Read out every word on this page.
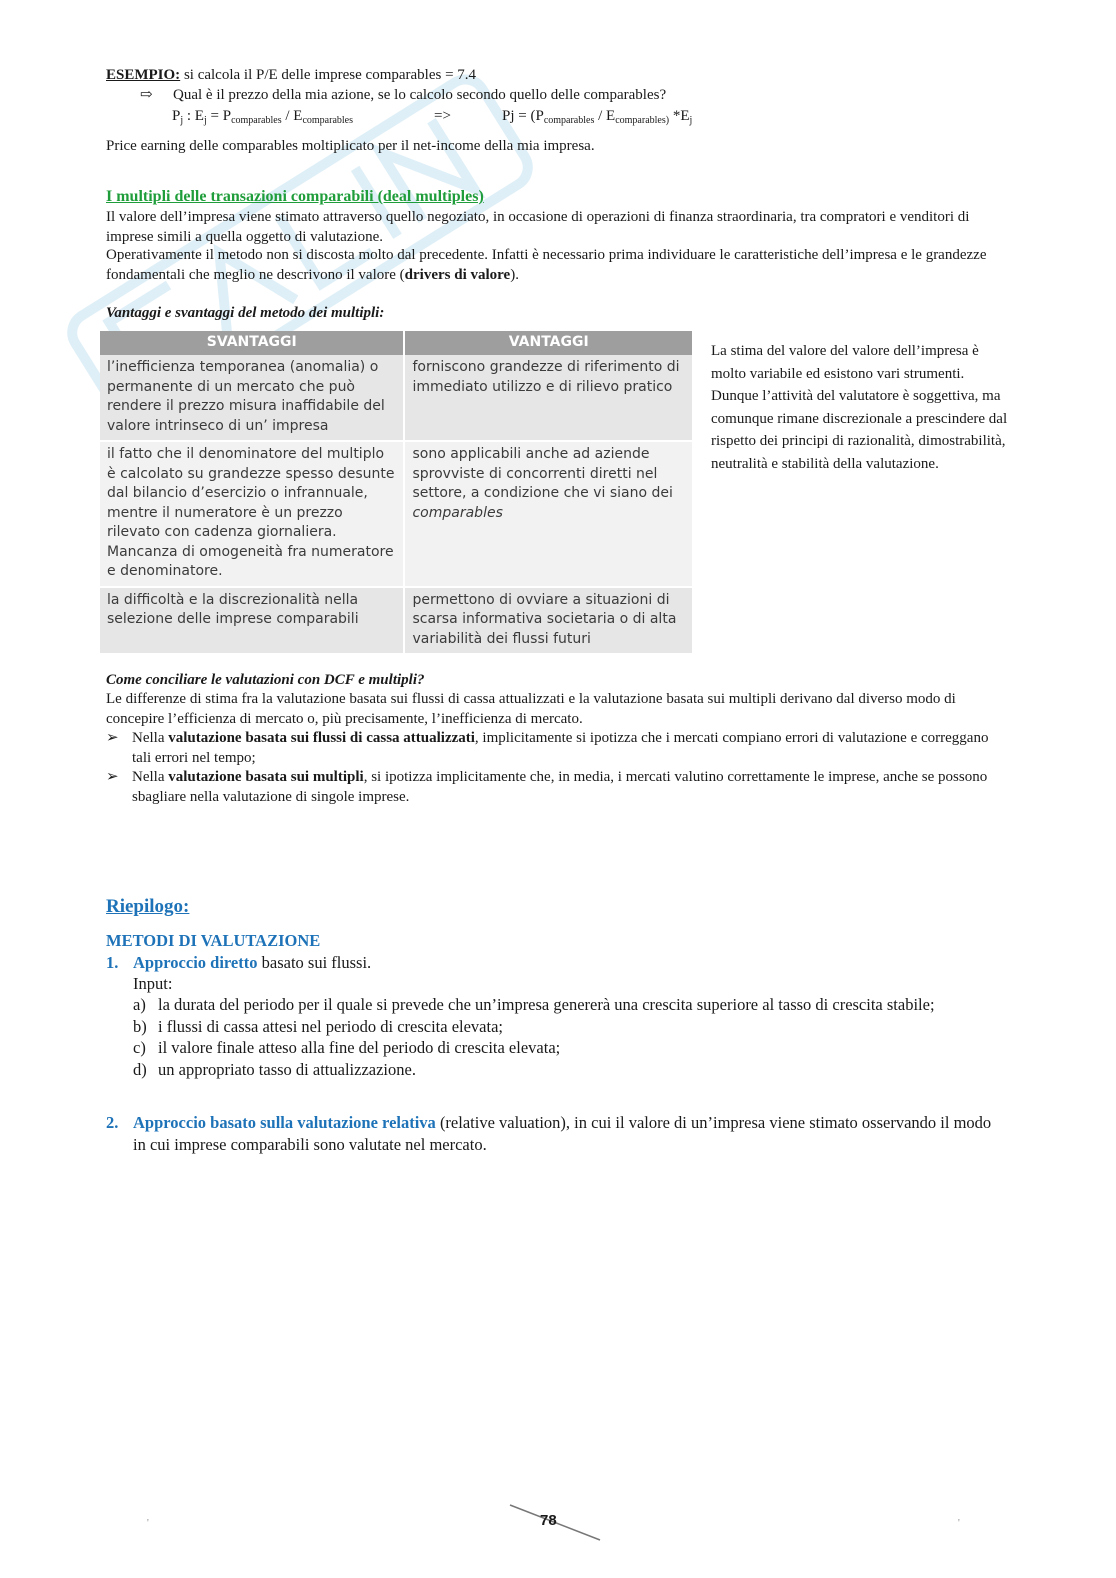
ESEMPIO: si calcola il P/E delle imprese comparables = 7.4

⇨ Qual è il prezzo della mia azione, se lo calcolo secondo quello delle comparables?

$P_j$ : $E_j = P_{comparables} / E_{comparables}$	=>	$Pj = (P_{comparables} / E_{comparables)}$ $*E_j$

Price earning delle comparables moltiplicato per il net-income della mia impresa.

I multipli delle transazioni comparabili (deal multiples)

Il valore dell’impresa viene stimato attraverso quello negoziato, in occasione di operazioni di finanza straordinaria, tra compratori e venditori di imprese simili a quella oggetto di valutazione.

Operativamente il metodo non si discosta molto dal precedente. Infatti è necessario prima individuare le caratteristiche dell’impresa e le grandezze fondamentali che meglio ne descrivono il valore (drivers di valore).

Vantaggi e svantaggi del metodo dei multipli:

SVANTAGGI	VANTAGGI
l’inefficienza temporanea (anomalia) o permanente di un mercato che può rendere il prezzo misura inaffidabile del valore intrinseco di un’ impresa	forniscono grandezze di riferimento di immediato utilizzo e di rilievo pratico
il fatto che il denominatore del multiplo è calcolato su grandezze spesso desunte dal bilancio d’esercizio o infrannuale, mentre il numeratore è un prezzo rilevato con cadenza giornaliera. Mancanza di omogeneità fra numeratore e denominatore.	sono applicabili anche ad aziende sprovviste di concorrenti diretti nel settore, a condizione che vi siano dei comparables
la difficoltà e la discrezionalità nella selezione delle imprese comparabili	permettono di ovviare a situazioni di scarsa informativa societaria o di alta variabilità dei flussi futuri
La stima del valore del valore dell’impresa è molto variabile ed esistono vari strumenti. Dunque l’attività del valutatore è soggettiva, ma comunque rimane discrezionale a prescindere dal rispetto dei principi di razionalità, dimostrabilità, neutralità e stabilità della valutazione.

Come conciliare le valutazioni con DCF e multipli?

Le differenze di stima fra la valutazione basata sui flussi di cassa attualizzati e la valutazione basata sui multipli derivano dal diverso modo di concepire l’efficienza di mercato o, più precisamente, l’inefficienza di mercato.

➢ Nella valutazione basata sui flussi di cassa attualizzati, implicitamente si ipotizza che i mercati compiano errori di valutazione e correggano tali errori nel tempo;
➢ Nella valutazione basata sui multipli, si ipotizza implicitamente che, in media, i mercati valutino correttamente le imprese, anche se possono sbagliare nella valutazione di singole imprese.

Riepilogo:

METODI DI VALUTAZIONE

1. Approccio diretto basato sui flussi.
Input:
a) la durata del periodo per il quale si prevede che un’impresa genererà una crescita superiore al tasso di crescita stabile;
b) i flussi di cassa attesi nel periodo di crescita elevata;
c) il valore finale atteso alla fine del periodo di crescita elevata;
d) un appropriato tasso di attualizzazione.
2. Approccio basato sulla valutazione relativa (relative valuation), in cui il valore di un’impresa viene stimato osservando il modo in cui imprese comparabili sono valutate nel mercato.
78
'	'
